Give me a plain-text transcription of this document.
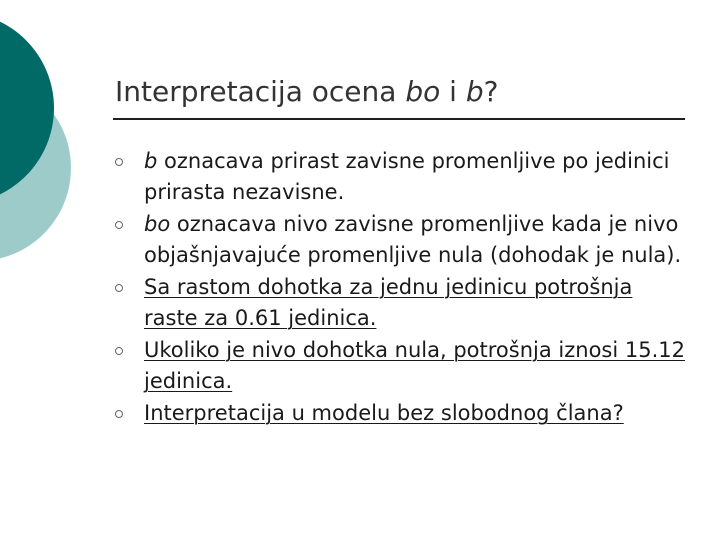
Interpretacija ocena bo i b?
b oznacava prirast zavisne promenljive po jedinici prirasta nezavisne.
bo oznacava nivo zavisne promenljive kada je nivo objašnjavajuće promenljive nula (dohodak je nula).
Sa rastom dohotka za jednu jedinicu potrošnja raste za 0.61 jedinica.
Ukoliko je nivo dohotka nula, potrošnja iznosi 15.12 jedinica.
Interpretacija u modelu bez slobodnog člana?
